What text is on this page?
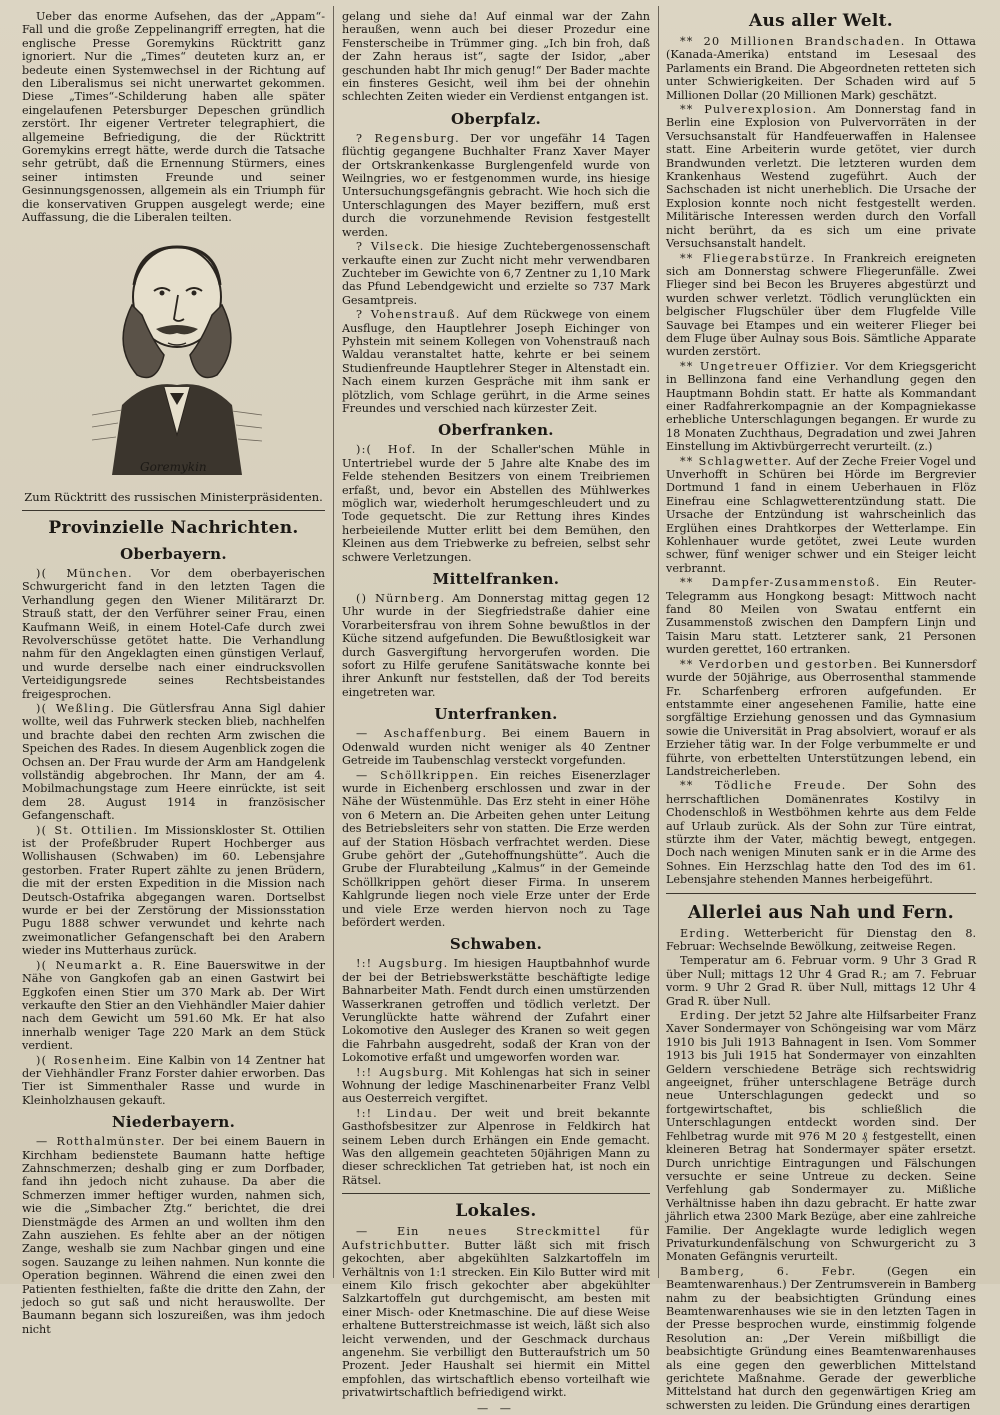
Ueber das enorme Aufsehen, das der „Appam“-Fall und die große Zeppelinangriff erregten, hat die englische Presse Goremykins Rücktritt ganz ignoriert. Nur die „Times“ deuteten kurz an, er bedeute einen Systemwechsel in der Richtung auf den Liberalismus sei nicht unerwartet gekommen. Diese „Times“-Schilderung haben alle später eingelaufenen Petersburger Depeschen gründlich zerstört. Ihr eigener Vertreter telegraphiert, die allgemeine Befriedigung, die der Rücktritt Goremykins erregt hätte, werde durch die Tatsache sehr getrübt, daß die Ernennung Stürmers, eines seiner intimsten Freunde und seiner Gesinnungsgenossen, allgemein als ein Triumph für die konservativen Gruppen ausgelegt werde; eine Auffassung, die die Liberalen teilten.

Goremykin
Zum Rücktritt des russischen Ministerpräsidenten.
Provinzielle Nachrichten.
Oberbayern.

)( München. Vor dem oberbayerischen Schwurgericht fand in den letzten Tagen die Verhandlung gegen den Wiener Militärarzt Dr. Strauß statt, der den Verführer seiner Frau, einen Kaufmann Weiß, in einem Hotel-Cafe durch zwei Revolverschüsse getötet hatte. Die Verhandlung nahm für den Angeklagten einen günstigen Verlauf, und wurde derselbe nach einer eindrucksvollen Verteidigungsrede seines Rechtsbeistandes freigesprochen.

)( Weßling. Die Gütlersfrau Anna Sigl dahier wollte, weil das Fuhrwerk stecken blieb, nachhelfen und brachte dabei den rechten Arm zwischen die Speichen des Rades. In diesem Augenblick zogen die Ochsen an. Der Frau wurde der Arm am Handgelenk vollständig abgebrochen. Ihr Mann, der am 4. Mobilmachungstage zum Heere einrückte, ist seit dem 28. August 1914 in französischer Gefangenschaft.

)( St. Ottilien. Im Missionskloster St. Ottilien ist der Profeßbruder Rupert Hochberger aus Wollishausen (Schwaben) im 60. Lebensjahre gestorben. Frater Rupert zählte zu jenen Brüdern, die mit der ersten Expedition in die Mission nach Deutsch-Ostafrika abgegangen waren. Dortselbst wurde er bei der Zerstörung der Missionsstation Pugu 1888 schwer verwundet und kehrte nach zweimonatlicher Gefangenschaft bei den Arabern wieder ins Mutterhaus zurück.

)( Neumarkt a. R. Eine Bauerswitwe in der Nähe von Gangkofen gab an einen Gastwirt bei Eggkofen einen Stier um 370 Mark ab. Der Wirt verkaufte den Stier an den Viehhändler Maier dahier nach dem Gewicht um 591.60 Mk. Er hat also innerhalb weniger Tage 220 Mark an dem Stück verdient.

)( Rosenheim. Eine Kalbin von 14 Zentner hat der Viehhändler Franz Forster dahier erworben. Das Tier ist Simmenthaler Rasse und wurde in Kleinholzhausen gekauft.

Niederbayern.

— Rotthalmünster. Der bei einem Bauern in Kirchham bedienstete Baumann hatte heftige Zahnschmerzen; deshalb ging er zum Dorfbader, fand ihn jedoch nicht zuhause. Da aber die Schmerzen immer heftiger wurden, nahmen sich, wie die „Simbacher Ztg.“ berichtet, die drei Dienstmägde des Armen an und wollten ihm den Zahn ausziehen. Es fehlte aber an der nötigen Zange, weshalb sie zum Nachbar gingen und eine sogen. Sauzange zu leihen nahmen. Nun konnte die Operation beginnen. Während die einen zwei den Patienten festhielten, faßte die dritte den Zahn, der jedoch so gut saß und nicht herauswollte. Der Baumann begann sich loszureißen, was ihm jedoch nicht

gelang und siehe da! Auf einmal war der Zahn heraußen, wenn auch bei dieser Prozedur eine Fensterscheibe in Trümmer ging. „Ich bin froh, daß der Zahn heraus ist“, sagte der Isidor, „aber geschunden habt Ihr mich genug!“ Der Bader machte ein finsteres Gesicht, weil ihm bei der ohnehin schlechten Zeiten wieder ein Verdienst entgangen ist.

Oberpfalz.

? Regensburg. Der vor ungefähr 14 Tagen flüchtig gegangene Buchhalter Franz Xaver Mayer der Ortskrankenkasse Burglengenfeld wurde von Weilngries, wo er festgenommen wurde, ins hiesige Untersuchungsgefängnis gebracht. Wie hoch sich die Unterschlagungen des Mayer beziffern, muß erst durch die vorzunehmende Revision festgestellt werden.

? Vilseck. Die hiesige Zuchtebergenossenschaft verkaufte einen zur Zucht nicht mehr verwendbaren Zuchteber im Gewichte von 6,7 Zentner zu 1,10 Mark das Pfund Lebendgewicht und erzielte so 737 Mark Gesamtpreis.

? Vohenstrauß. Auf dem Rückwege von einem Ausfluge, den Hauptlehrer Joseph Eichinger von Pyhstein mit seinem Kollegen von Vohenstrauß nach Waldau veranstaltet hatte, kehrte er bei seinem Studienfreunde Hauptlehrer Steger in Altenstadt ein. Nach einem kurzen Gespräche mit ihm sank er plötzlich, vom Schlage gerührt, in die Arme seines Freundes und verschied nach kürzester Zeit.

Oberfranken.

):( Hof. In der Schaller'schen Mühle in Untertriebel wurde der 5 Jahre alte Knabe des im Felde stehenden Besitzers von einem Treibriemen erfaßt, und, bevor ein Abstellen des Mühlwerkes möglich war, wiederholt herumgeschleudert und zu Tode gequetscht. Die zur Rettung ihres Kindes herbeieilende Mutter erlitt bei dem Bemühen, den Kleinen aus dem Triebwerke zu befreien, selbst sehr schwere Verletzungen.

Mittelfranken.

() Nürnberg. Am Donnerstag mittag gegen 12 Uhr wurde in der Siegfriedstraße dahier eine Vorarbeitersfrau von ihrem Sohne bewußtlos in der Küche sitzend aufgefunden. Die Bewußtlosigkeit war durch Gasvergiftung hervorgerufen worden. Die sofort zu Hilfe gerufene Sanitätswache konnte bei ihrer Ankunft nur feststellen, daß der Tod bereits eingetreten war.

Unterfranken.

— Aschaffenburg. Bei einem Bauern in Odenwald wurden nicht weniger als 40 Zentner Getreide im Taubenschlag versteckt vorgefunden.

— Schöllkrippen. Ein reiches Eisenerzlager wurde in Eichenberg erschlossen und zwar in der Nähe der Wüstenmühle. Das Erz steht in einer Höhe von 6 Metern an. Die Arbeiten gehen unter Leitung des Betriebsleiters sehr von statten. Die Erze werden auf der Station Hösbach verfrachtet werden. Diese Grube gehört der „Gutehoffnungshütte“. Auch die Grube der Flurabteilung „Kalmus“ in der Gemeinde Schöllkrippen gehört dieser Firma. In unserem Kahlgrunde liegen noch viele Erze unter der Erde und viele Erze werden hiervon noch zu Tage befördert werden.

Schwaben.

!:! Augsburg. Im hiesigen Hauptbahnhof wurde der bei der Betriebswerkstätte beschäftigte ledige Bahnarbeiter Math. Fendt durch einen umstürzenden Wasserkranen getroffen und tödlich verletzt. Der Verunglückte hatte während der Zufahrt einer Lokomotive den Ausleger des Kranen so weit gegen die Fahrbahn ausgedreht, sodaß der Kran von der Lokomotive erfaßt und umgeworfen worden war.

!:! Augsburg. Mit Kohlengas hat sich in seiner Wohnung der ledige Maschinenarbeiter Franz Velbl aus Oesterreich vergiftet.

!:! Lindau. Der weit und breit bekannte Gasthofsbesitzer zur Alpenrose in Feldkirch hat seinem Leben durch Erhängen ein Ende gemacht. Was den allgemein geachteten 50jährigen Mann zu dieser schrecklichen Tat getrieben hat, ist noch ein Rätsel.

Lokales.

— Ein neues Streckmittel für Aufstrichbutter. Butter läßt sich mit frisch gekochten, aber abgekühlten Salzkartoffeln im Verhältnis von 1:1 strecken. Ein Kilo Butter wird mit einem Kilo frisch gekochter aber abgekühlter Salzkartoffeln gut durchgemischt, am besten mit einer Misch- oder Knetmaschine. Die auf diese Weise erhaltene Butterstreichmasse ist weich, läßt sich also leicht verwenden, und der Geschmack durchaus angenehm. Sie verbilligt den Butteraufstrich um 50 Prozent. Jeder Haushalt sei hiermit ein Mittel empfohlen, das wirtschaftlich ebenso vorteilhaft wie privatwirtschaftlich befriedigend wirkt.

— —
Aus aller Welt.

** 20 Millionen Brandschaden. In Ottawa (Kanada-Amerika) entstand im Lesesaal des Parlaments ein Brand. Die Abgeordneten retteten sich unter Schwierigkeiten. Der Schaden wird auf 5 Millionen Dollar (20 Millionen Mark) geschätzt.

** Pulverexplosion. Am Donnerstag fand in Berlin eine Explosion von Pulvervorräten in der Versuchsanstalt für Handfeuerwaffen in Halensee statt. Eine Arbeiterin wurde getötet, vier durch Brandwunden verletzt. Die letzteren wurden dem Krankenhaus Westend zugeführt. Auch der Sachschaden ist nicht unerheblich. Die Ursache der Explosion konnte noch nicht festgestellt werden. Militärische Interessen werden durch den Vorfall nicht berührt, da es sich um eine private Versuchsanstalt handelt.

** Fliegerabstürze. In Frankreich ereigneten sich am Donnerstag schwere Fliegerunfälle. Zwei Flieger sind bei Becon les Bruyeres abgestürzt und wurden schwer verletzt. Tödlich verunglückten ein belgischer Flugschüler über dem Flugfelde Ville Sauvage bei Etampes und ein weiterer Flieger bei dem Fluge über Aulnay sous Bois. Sämtliche Apparate wurden zerstört.

** Ungetreuer Offizier. Vor dem Kriegsgericht in Bellinzona fand eine Verhandlung gegen den Hauptmann Bohdin statt. Er hatte als Kommandant einer Radfahrerkompagnie an der Kompagniekasse erhebliche Unterschlagungen begangen. Er wurde zu 18 Monaten Zuchthaus, Degradation und zwei Jahren Einstellung im Aktivbürgerrecht verurteilt. (z.)

** Schlagwetter. Auf der Zeche Freier Vogel und Unverhofft in Schüren bei Hörde im Bergrevier Dortmund 1 fand in einem Ueberhauen in Flöz Einefrau eine Schlagwetterentzündung statt. Die Ursache der Entzündung ist wahrscheinlich das Erglühen eines Drahtkorpes der Wetterlampe. Ein Kohlenhauer wurde getötet, zwei Leute wurden schwer, fünf weniger schwer und ein Steiger leicht verbrannt.

** Dampfer-Zusammenstoß. Ein Reuter-Telegramm aus Hongkong besagt: Mittwoch nacht fand 80 Meilen von Swatau entfernt ein Zusammenstoß zwischen den Dampfern Linjn und Taisin Maru statt. Letzterer sank, 21 Personen wurden gerettet, 160 ertranken.

** Verdorben und gestorben. Bei Kunnersdorf wurde der 50jährige, aus Oberrosenthal stammende Fr. Scharfenberg erfroren aufgefunden. Er entstammte einer angesehenen Familie, hatte eine sorgfältige Erziehung genossen und das Gymnasium sowie die Universität in Prag absolviert, worauf er als Erzieher tätig war. In der Folge verbummelte er und führte, von erbettelten Unterstützungen lebend, ein Landstreicherleben.

** Tödliche Freude. Der Sohn des herrschaftlichen Domänenrates Kostilvy in Chodenschloß in Westböhmen kehrte aus dem Felde auf Urlaub zurück. Als der Sohn zur Türe eintrat, stürzte ihm der Vater, mächtig bewegt, entgegen. Doch nach wenigen Minuten sank er in die Arme des Sohnes. Ein Herzschlag hatte den Tod des im 61. Lebensjahre stehenden Mannes herbeigeführt.

Allerlei aus Nah und Fern.

Erding. Wetterbericht für Dienstag den 8. Februar: Wechselnde Bewölkung, zeitweise Regen.

Temperatur am 6. Februar vorm. 9 Uhr 3 Grad R über Null; mittags 12 Uhr 4 Grad R.; am 7. Februar vorm. 9 Uhr 2 Grad R. über Null, mittags 12 Uhr 4 Grad R. über Null.

Erding. Der jetzt 52 Jahre alte Hilfsarbeiter Franz Xaver Sondermayer von Schöngeising war vom März 1910 bis Juli 1913 Bahnagent in Isen. Vom Sommer 1913 bis Juli 1915 hat Sondermayer von einzahlten Geldern verschiedene Beträge sich rechtswidrig angeeignet, früher unterschlagene Beträge durch neue Unterschlagungen gedeckt und so fortgewirtschaftet, bis schließlich die Unterschlagungen entdeckt worden sind. Der Fehlbetrag wurde mit 976 M 20 ₰ festgestellt, einen kleineren Betrag hat Sondermayer später ersetzt. Durch unrichtige Eintragungen und Fälschungen versuchte er seine Untreue zu decken. Seine Verfehlung gab Sondermayer zu. Mißliche Verhältnisse haben ihn dazu gebracht. Er hatte zwar jährlich etwa 2300 Mark Bezüge, aber eine zahlreiche Familie. Der Angeklagte wurde lediglich wegen Privaturkundenfälschung von Schwurgericht zu 3 Monaten Gefängnis verurteilt.

Bamberg, 6. Febr. (Gegen ein Beamtenwarenhaus.) Der Zentrumsverein in Bamberg nahm zu der beabsichtigten Gründung eines Beamtenwarenhauses wie sie in den letzten Tagen in der Presse besprochen wurde, einstimmig folgende Resolution an: „Der Verein mißbilligt die beabsichtigte Gründung eines Beamtenwarenhauses als eine gegen den gewerblichen Mittelstand gerichtete Maßnahme. Gerade der gewerbliche Mittelstand hat durch den gegenwärtigen Krieg am schwersten zu leiden. Die Gründung eines derartigen
